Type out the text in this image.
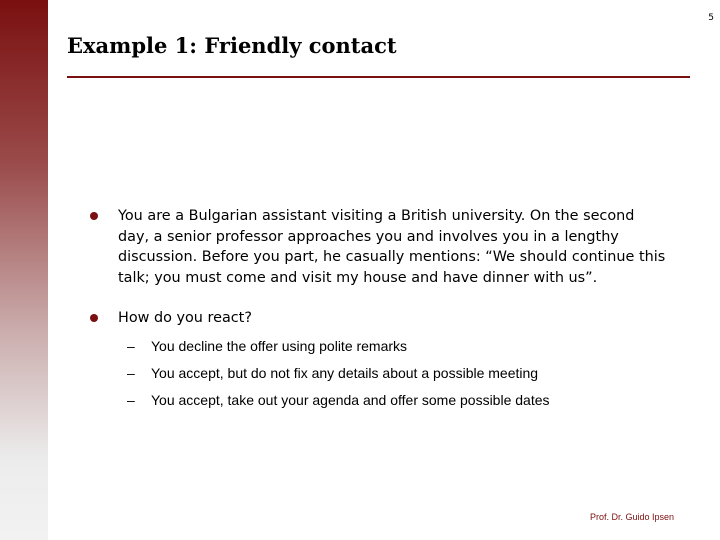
5
Example 1: Friendly contact
You are a Bulgarian assistant visiting a British university. On the second day, a senior professor approaches you and involves you in a lengthy discussion. Before you part, he casually mentions: “We should continue this talk; you must come and visit my house and have dinner with us”.
How do you react?
– You decline the offer using polite remarks
– You accept, but do not fix any details about a possible meeting
– You accept, take out your agenda and offer some possible dates
Prof. Dr. Guido Ipsen
